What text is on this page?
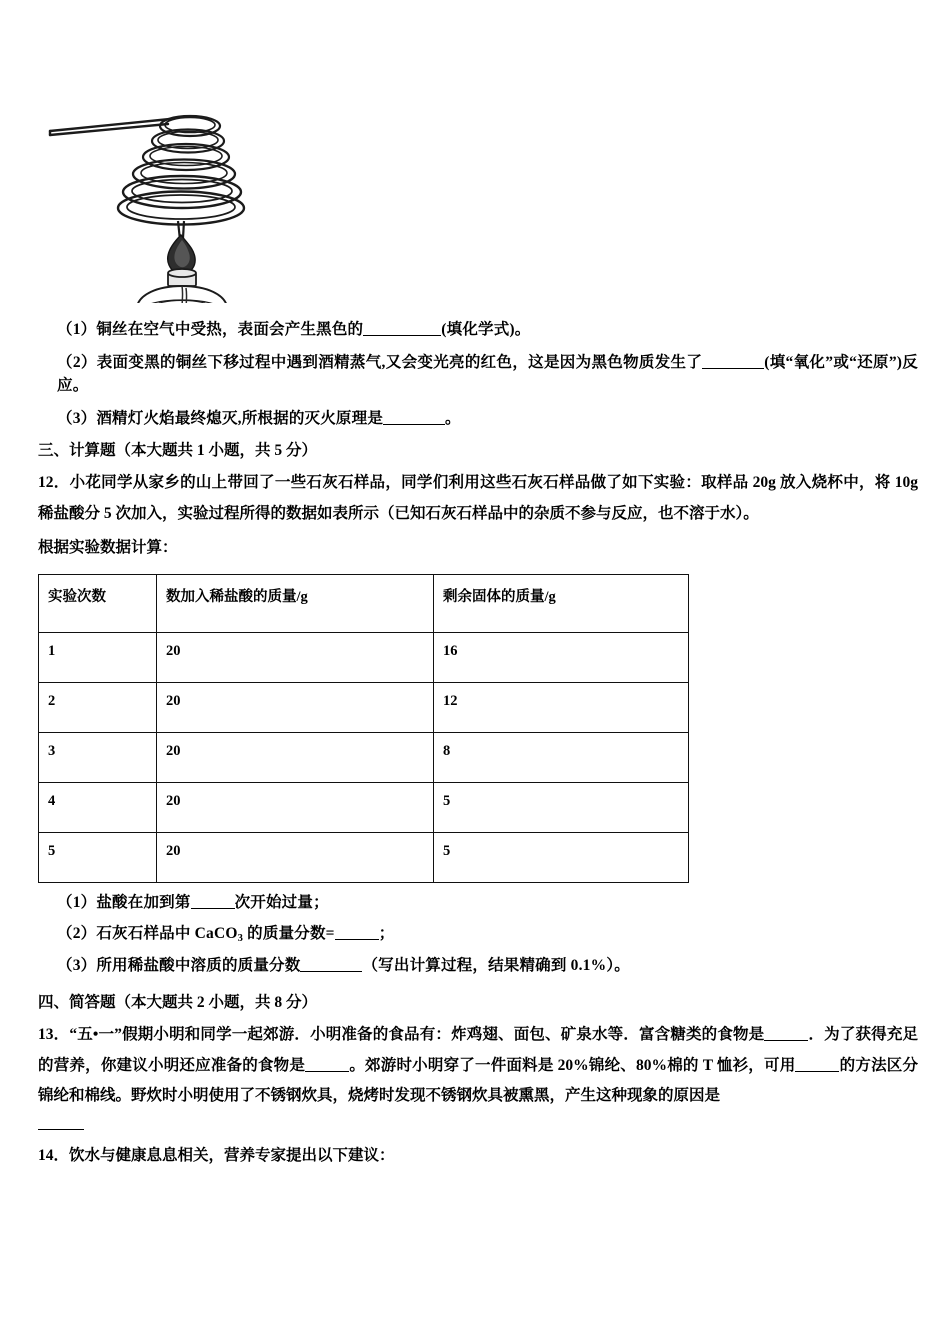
（1）铜丝在空气中受热，表面会产生黑色的	(填化学式)。

（2）表面变黑的铜丝下移过程中遇到酒精蒸气,又会变光亮的红色，这是因为黑色物质发生了	(填“氧化”或“还原”)反应。

（3）酒精灯火焰最终熄灭,所根据的灭火原理是	。

三、计算题（本大题共 1 小题，共 5 分）

12．小花同学从家乡的山上带回了一些石灰石样品，同学们利用这些石灰石样品做了如下实验：取样品 20g 放入烧杯中，将 10g 稀盐酸分 5 次加入，实验过程所得的数据如表所示（已知石灰石样品中的杂质不参与反应，也不溶于水）。

根据实验数据计算：

实验次数	数加入稀盐酸的质量/g	剩余固体的质量/g
1	20	16
2	20	12
3	20	8
4	20	5
5	20	5

（1）盐酸在加到第	次开始过量；

（2）石灰石样品中 CaCO$_3$ 的质量分数=	；

（3）所用稀盐酸中溶质的质量分数	（写出计算过程，结果精确到 0.1%）。

四、简答题（本大题共 2 小题，共 8 分）

13．“五•一”假期小明和同学一起郊游．小明准备的食品有：炸鸡翅、面包、矿泉水等．富含糖类的食物是	．为了获得充足的营养，你建议小明还应准备的食物是	。郊游时小明穿了一件面料是 20%锦纶、80%棉的 T 恤衫，可用	的方法区分锦纶和棉线。野炊时小明使用了不锈钢炊具，烧烤时发现不锈钢炊具被熏黑，产生这种现象的原因是

14．饮水与健康息息相关，营养专家提出以下建议：
